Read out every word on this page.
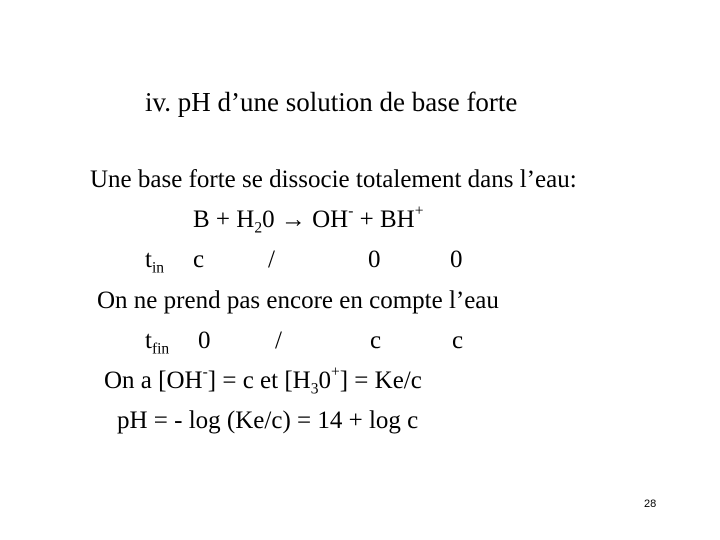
iv. pH d’une solution de base forte
Une base forte se dissocie totalement dans l’eau:
$B + H_20 \to OH^- + BH^+$
$t_{in}$ c	/	0	0
On ne prend pas encore en compte l’eau
$t_{fin}$ 0	/	c	c
On a [OH-] = c et $[H_30^+] = Ke/c$
pH = - log (Ke/c) = 14 + log c
28
